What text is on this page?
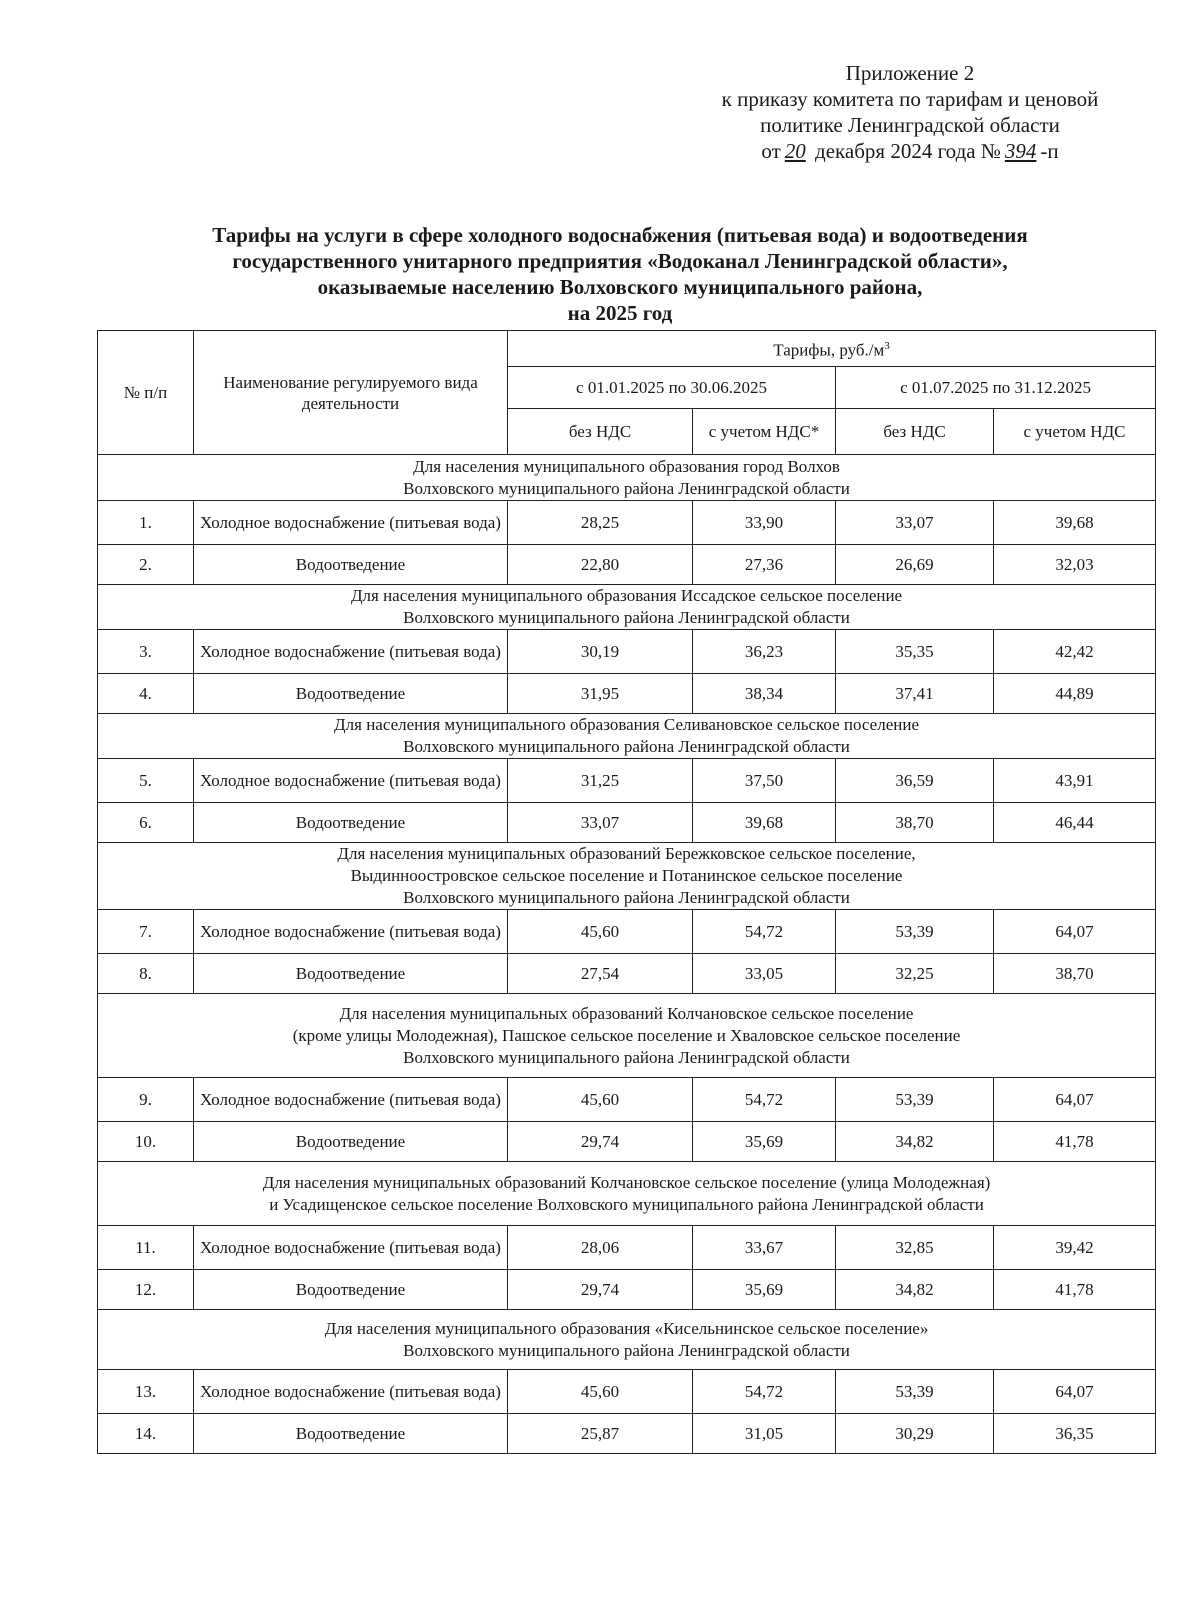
Приложение 2
к приказу комитета по тарифам и ценовой
политике Ленинградской области
от 20 декабря 2024 года № 394 -п
Тарифы на услуги в сфере холодного водоснабжения (питьевая вода) и водоотведения
государственного унитарного предприятия «Водоканал Ленинградской области»,
оказываемые населению Волховского муниципального района,
на 2025 год
№ п/п	Наименование регулируемого вида деятельности	Тарифы, $руб./м^3$
		с 01.01.2025 по 30.06.2025		с 01.07.2025 по 31.12.2025	
		без НДС	с учетом НДС*	без НДС	с учетом НДС

Для населения муниципального образования город Волхов
Волховского муниципального района Ленинградской области					

1.	Холодное водоснабжение (питьевая вода)	28,25	33,90	33,07	39,68
2.	Водоотведение	22,80	27,36	26,69	32,03

Для населения муниципального образования Иссадское сельское поселение
Волховского муниципального района Ленинградской области					

3.	Холодное водоснабжение (питьевая вода)	30,19	36,23	35,35	42,42
4.	Водоотведение	31,95	38,34	37,41	44,89

Для населения муниципального образования Селивановское сельское поселение
Волховского муниципального района Ленинградской области					

5.	Холодное водоснабжение (питьевая вода)	31,25	37,50	36,59	43,91
6.	Водоотведение	33,07	39,68	38,70	46,44

Для населения муниципальных образований Бережковское сельское поселение,
Выдинноостровское сельское поселение и Потанинское сельское поселение
Волховского муниципального района Ленинградской области					

7.	Холодное водоснабжение (питьевая вода)	45,60	54,72	53,39	64,07
8.	Водоотведение	27,54	33,05	32,25	38,70

Для населения муниципальных образований Колчановское сельское поселение
(кроме улицы Молодежная), Пашское сельское поселение и Хваловское сельское поселение
Волховского муниципального района Ленинградской области					

9.	Холодное водоснабжение (питьевая вода)	45,60	54,72	53,39	64,07
10.	Водоотведение	29,74	35,69	34,82	41,78

Для населения муниципальных образований Колчановское сельское поселение (улица Молодежная)
и Усадищенское сельское поселение Волховского муниципального района Ленинградской области					

11.	Холодное водоснабжение (питьевая вода)	28,06	33,67	32,85	39,42
12.	Водоотведение	29,74	35,69	34,82	41,78

Для населения муниципального образования «Кисельнинское сельское поселение»
Волховского муниципального района Ленинградской области					

13.	Холодное водоснабжение (питьевая вода)	45,60	54,72	53,39	64,07
14.	Водоотведение	25,87	31,05	30,29	36,35
